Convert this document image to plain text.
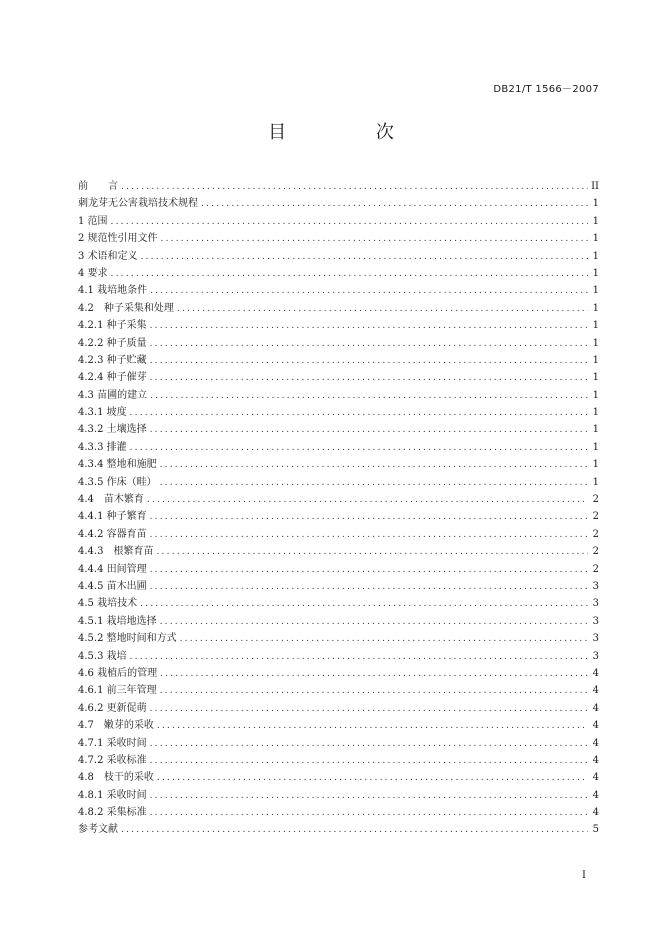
DB21/T 1566－2007
目 次
前　　言 .....	II
刺龙芽无公害栽培技术规程 .....	1
1 范围 .....	1
2 规范性引用文件 .....	1
3 术语和定义 .....	1
4 要求 .....	1
4.1 栽培地条件 .....	1
4.2　种子采集和处理 .....	1
4.2.1 种子采集 .....	1
4.2.2 种子质量 .....	1
4.2.3 种子贮藏 .....	1
4.2.4 种子催芽 .....	1
4.3 苗圃的建立 .....	1
4.3.1 坡度 .....	1
4.3.2 土壤选择 .....	1
4.3.3 排灌 .....	1
4.3.4 整地和施肥 .....	1
4.3.5 作床（畦） .....	1
4.4　苗木繁育 .....	2
4.4.1 种子繁育 .....	2
4.4.2 容器育苗 .....	2
4.4.3　根繁育苗 .....	2
4.4.4 田间管理 .....	2
4.4.5 苗木出圃 .....	3
4.5 栽培技术 .....	3
4.5.1 栽培地选择 .....	3
4.5.2 整地时间和方式 .....	3
4.5.3 栽培 .....	3
4.6 栽植后的管理 .....	4
4.6.1 前三年管理 .....	4
4.6.2 更新促萌 .....	4
4.7　嫩芽的采收 .....	4
4.7.1 采收时间 .....	4
4.7.2 采收标准 .....	4
4.8　枝干的采收 .....	4
4.8.1 采收时间 .....	4
4.8.2 采集标准 .....	4
参考文献 .....	5
I
